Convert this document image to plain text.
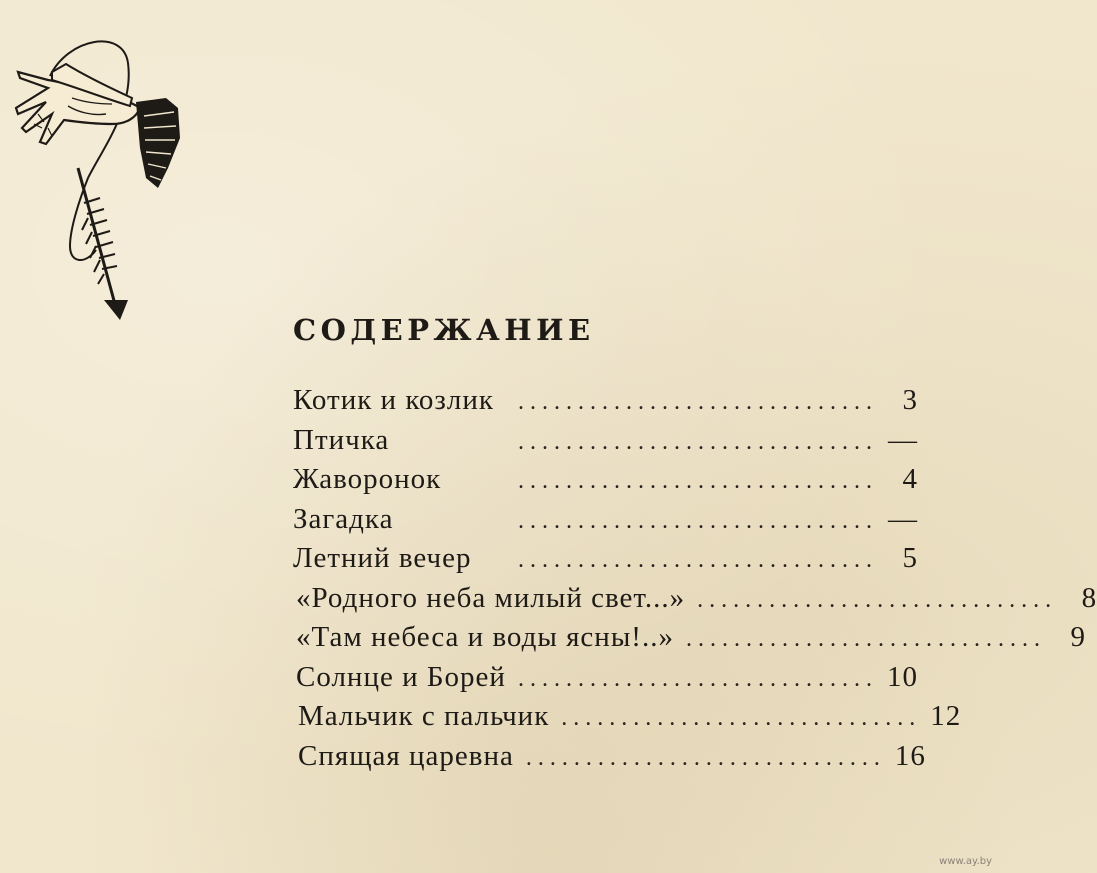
СОДЕРЖАНИЕ
Котик и козлик	. . . . . . . . . . . . . . . . . . . . . . . . . . . . . .	3
Птичка	. . . . . . . . . . . . . . . . . . . . . . . . . . . . . . —
Жаворонок	. . . . . . . . . . . . . . . . . . . . . . . . . . . . . .	4
Загадка	. . . . . . . . . . . . . . . . . . . . . . . . . . . . . . —
Летний вечер	. . . . . . . . . . . . . . . . . . . . . . . . . . . . . .	5
«Родного неба милый свет...» . . . . . . . . . . . . . . . . . . . . . . . . . . . . . .	8
«Там небеса и воды ясны!..» . . . . . . . . . . . . . . . . . . . . . . . . . . . . . .	9
Солнце и Борей . . . . . . . . . . . . . . . . . . . . . . . . . . . . . . 10
Мальчик с пальчик . . . . . . . . . . . . . . . . . . . . . . . . . . . . . . 12
Спящая царевна . . . . . . . . . . . . . . . . . . . . . . . . . . . . . . 16
www.ay.by
